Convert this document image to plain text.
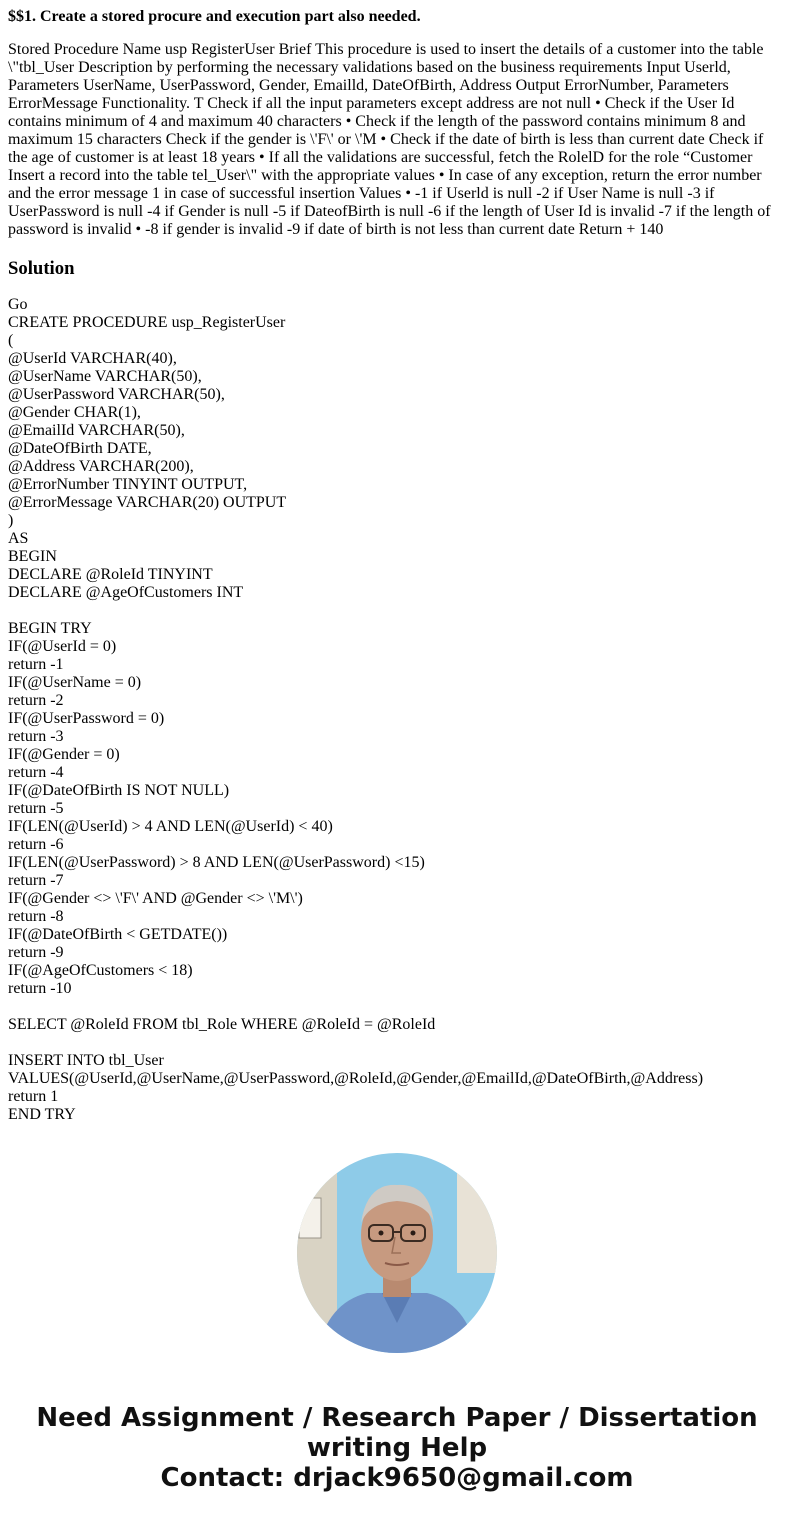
$$1. Create a stored procure and execution part also needed.

Stored Procedure Name usp RegisterUser Brief This procedure is used to insert the details of a customer into the table \"tbl_User Description by performing the necessary validations based on the business requirements Input Userld, Parameters UserName, UserPassword, Gender, Emailld, DateOfBirth, Address Output ErrorNumber, Parameters ErrorMessage Functionality. T Check if all the input parameters except address are not null • Check if the User Id contains minimum of 4 and maximum 40 characters • Check if the length of the password contains minimum 8 and maximum 15 characters Check if the gender is \'F\' or \'M • Check if the date of birth is less than current date Check if the age of customer is at least 18 years • If all the validations are successful, fetch the RolelD for the role “Customer Insert a record into the table tel_User\" with the appropriate values • In case of any exception, return the error number and the error message 1 in case of successful insertion Values • -1 if Userld is null -2 if User Name is null -3 if UserPassword is null -4 if Gender is null -5 if DateofBirth is null -6 if the length of User Id is invalid -7 if the length of password is invalid • -8 if gender is invalid -9 if date of birth is not less than current date Return + 140

Solution
Go
CREATE PROCEDURE usp_RegisterUser
(
@UserId VARCHAR(40),
@UserName VARCHAR(50),
@UserPassword VARCHAR(50),
@Gender CHAR(1),
@EmailId VARCHAR(50),
@DateOfBirth DATE,
@Address VARCHAR(200),
@ErrorNumber TINYINT OUTPUT,
@ErrorMessage VARCHAR(20) OUTPUT
)
AS
BEGIN
DECLARE @RoleId TINYINT
DECLARE @AgeOfCustomers INT
BEGIN TRY
IF(@UserId = 0)
return -1
IF(@UserName = 0)
return -2
IF(@UserPassword = 0)
return -3
IF(@Gender = 0)
return -4
IF(@DateOfBirth IS NOT NULL)
return -5
IF(LEN(@UserId) > 4 AND LEN(@UserId) < 40)
return -6
IF(LEN(@UserPassword) > 8 AND LEN(@UserPassword) <15)
return -7
IF(@Gender <> \'F\' AND @Gender <> \'M\')
return -8
IF(@DateOfBirth < GETDATE())
return -9
IF(@AgeOfCustomers < 18)
return -10
SELECT @RoleId FROM tbl_Role WHERE @RoleId = @RoleId
INSERT INTO tbl_User
VALUES(@UserId,@UserName,@UserPassword,@RoleId,@Gender,@EmailId,@DateOfBirth,@Address)
return 1
END TRY
Need Assignment / Research Paper / Dissertation
writing Help
Contact: drjack9650@gmail.com
